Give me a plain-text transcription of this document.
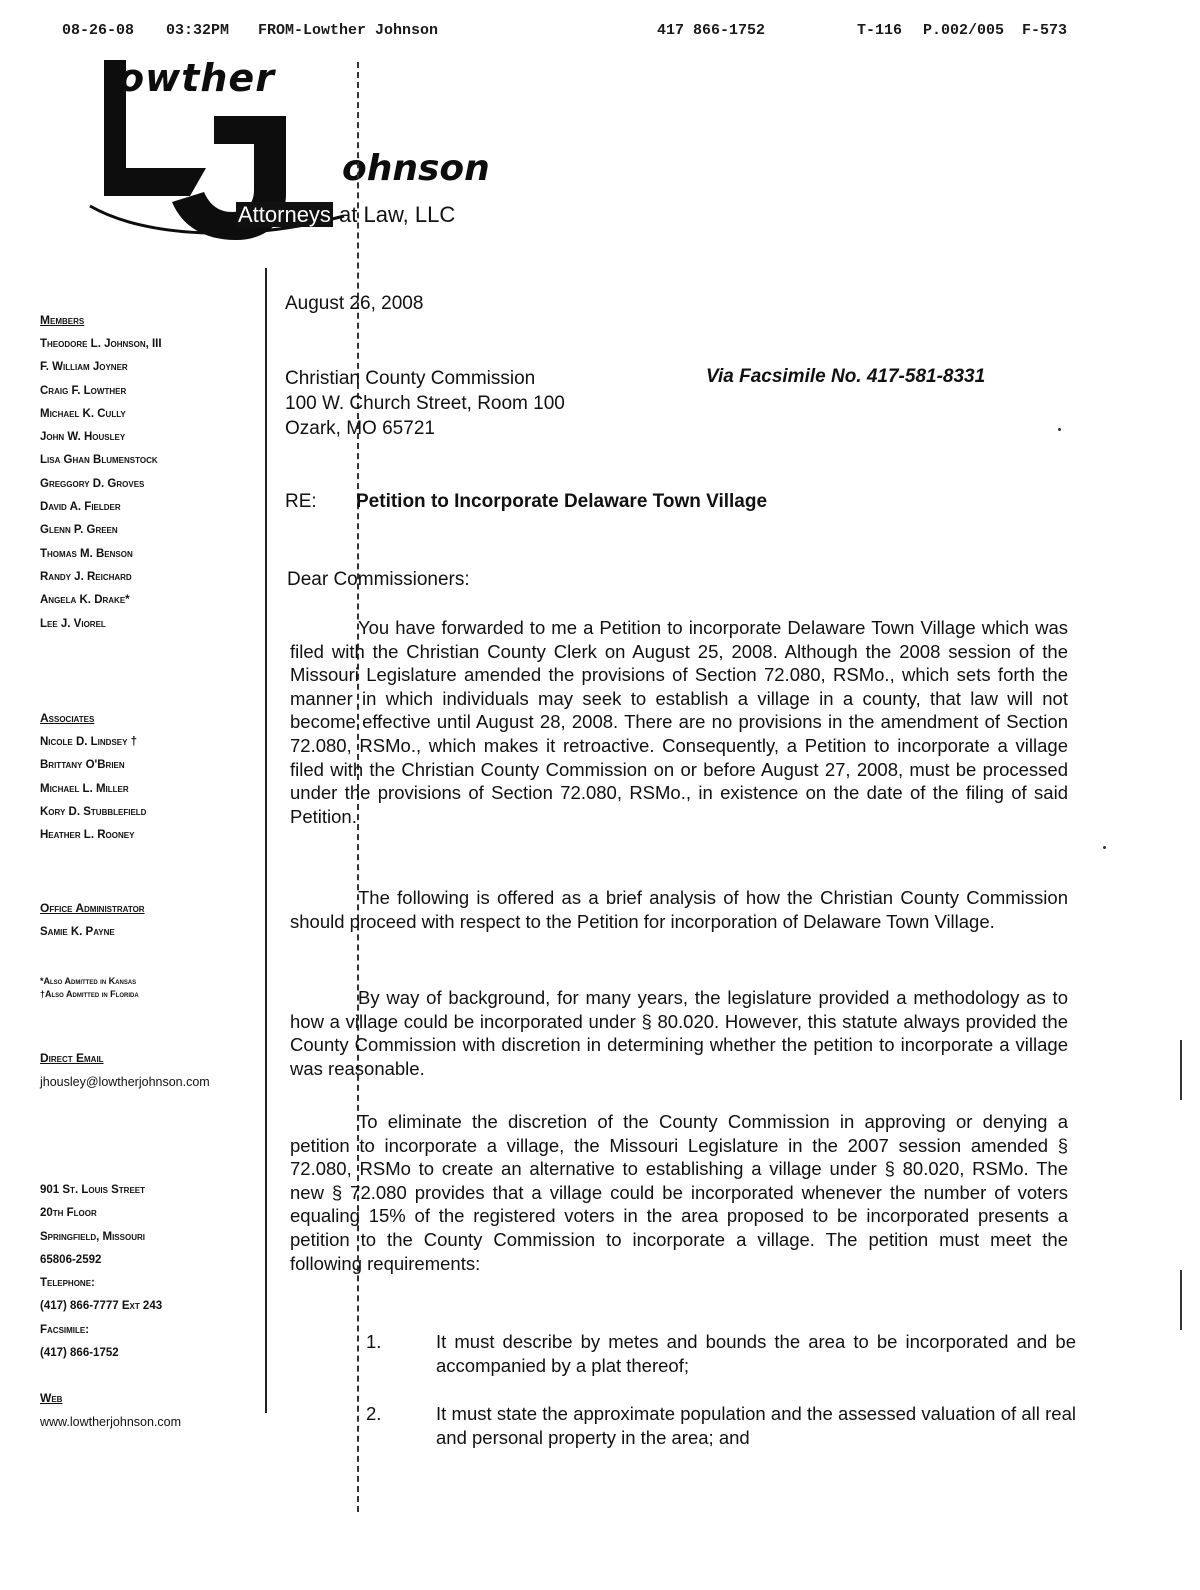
08-26-08 03:32PM FROM-Lowther Johnson	417 866-1752	T-116 P.002/005 F-573
owther
ohnson
Attorneys at Law, LLC
Members
Theodore L. Johnson, III
F. William Joyner
Craig F. Lowther
Michael K. Cully
John W. Housley
Lisa Ghan Blumenstock
Greggory D. Groves
David A. Fielder
Glenn P. Green
Thomas M. Benson
Randy J. Reichard
Angela K. Drake*
Lee J. Viorel
Associates
Nicole D. Lindsey †
Brittany O'Brien
Michael L. Miller
Kory D. Stubblefield
Heather L. Rooney
Office Administrator
Samie K. Payne
*Also Admitted in Kansas
†Also Admitted in Florida
Direct Email
jhousley@lowtherjohnson.com
901 St. Louis Street
20th Floor
Springfield, Missouri
65806-2592
Telephone:
(417) 866-7777 Ext 243
Facsimile:
(417) 866-1752
Web
www.lowtherjohnson.com
August 26, 2008
Christian County Commission
100 W. Church Street, Room 100
Ozark, MO 65721
Via Facsimile No. 417-581-8331
RE: Petition to Incorporate Delaware Town Village
Dear Commissioners:
You have forwarded to me a Petition to incorporate Delaware Town Village which was filed with the Christian County Clerk on August 25, 2008. Although the 2008 session of the Missouri Legislature amended the provisions of Section 72.080, RSMo., which sets forth the manner in which individuals may seek to establish a village in a county, that law will not become effective until August 28, 2008. There are no provisions in the amendment of Section 72.080, RSMo., which makes it retroactive. Consequently, a Petition to incorporate a village filed with the Christian County Commission on or before August 27, 2008, must be processed under the provisions of Section 72.080, RSMo., in existence on the date of the filing of said Petition.
The following is offered as a brief analysis of how the Christian County Commission should proceed with respect to the Petition for incorporation of Delaware Town Village.
By way of background, for many years, the legislature provided a methodology as to how a village could be incorporated under § 80.020. However, this statute always provided the County Commission with discretion in determining whether the petition to incorporate a village was reasonable.
To eliminate the discretion of the County Commission in approving or denying a petition to incorporate a village, the Missouri Legislature in the 2007 session amended § 72.080, RSMo to create an alternative to establishing a village under § 80.020, RSMo. The new § 72.080 provides that a village could be incorporated whenever the number of voters equaling 15% of the registered voters in the area proposed to be incorporated presents a petition to the County Commission to incorporate a village. The petition must meet the following requirements:
1.	It must describe by metes and bounds the area to be incorporated and be accompanied by a plat thereof;
2.	It must state the approximate population and the assessed valuation of all real and personal property in the area; and
